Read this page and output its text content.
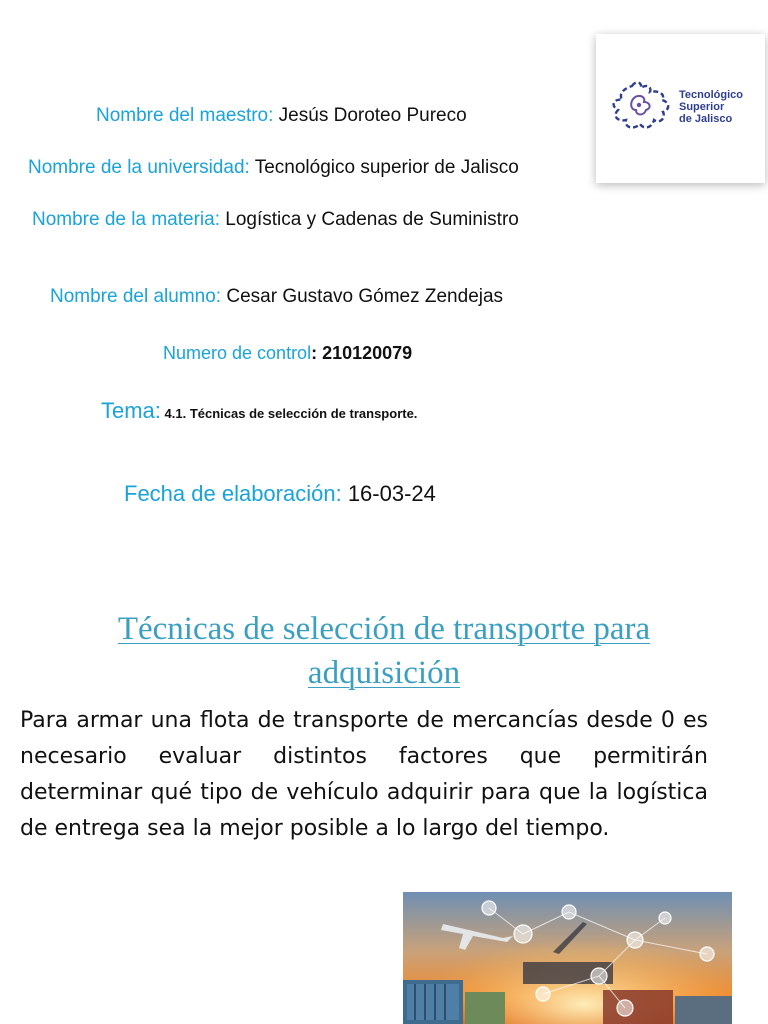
Nombre del maestro: Jesús Doroteo Pureco
Nombre de la universidad: Tecnológico superior de Jalisco
Nombre de la materia: Logística y Cadenas de Suministro
Nombre del alumno: Cesar Gustavo Gómez Zendejas
Numero de control: 210120079
Tema: 4.1. Técnicas de selección de transporte.
Fecha de elaboración: 16-03-24
Tecnológico
Superior
de Jalisco
Técnicas de selección de transporte para adquisición
Para armar una flota de transporte de mercancías desde 0 es necesario evaluar distintos factores que permitirán determinar qué tipo de vehículo adquirir para que la logística de entrega sea la mejor posible a lo largo del tiempo.
